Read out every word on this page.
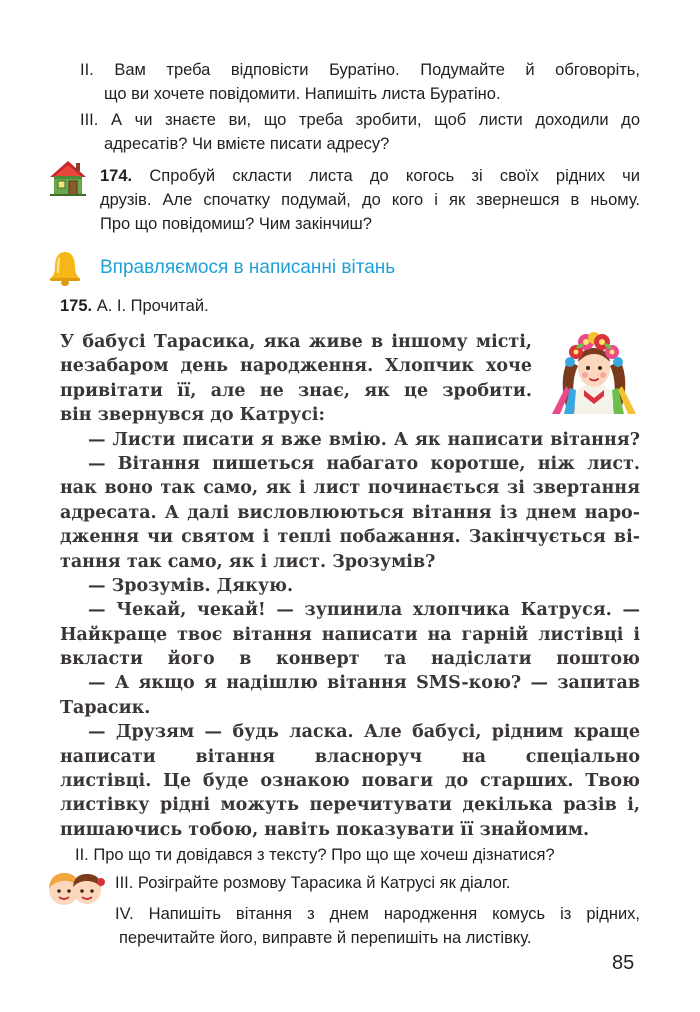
II. Вам треба відповісти Буратіно. Подумайте й обговоріть,
що ви хочете повідомити. Напишіть листа Буратіно.
III. А чи знаєте ви, що треба зробити, щоб листи доходили до
адресатів? Чи вмієте писати адресу?
174. Спробуй скласти листа до когось зі своїх рідних чи
друзів. Але спочатку подумай, до кого і як звернешся в ньому.
Про що повідомиш? Чим закінчиш?
Вправляємося в написанні вітань
175. А. І. Прочитай.
У бабусі Тарасика, яка живе в іншому місті,
незабаром день народження. Хлопчик хоче
привітати її, але не знає, як це зробити.
він звернувся до Катрусі:
— Листи писати я вже вмію. А як написати вітання?
— Вітання пишеться набагато коротше, ніж лист.
нак воно так само, як і лист починається зі звертання
адресата. А далі висловлюються вітання із днем наро-
дження чи святом і теплі побажання. Закінчується ві-
тання так само, як і лист. Зрозумів?
— Зрозумів. Дякую.
— Чекай, чекай! — зупинила хлопчика Катруся. —
Найкраще твоє вітання написати на гарній листівці і
вкласти його в конверт та надіслати поштою
— А якщо я надішлю вітання SMS-кою? — запитав
Тарасик.
— Друзям — будь ласка. Але бабусі, рідним краще
написати вітання власноруч на спеціально
листівці. Це буде ознакою поваги до старших. Твою
листівку рідні можуть перечитувати декілька разів і,
пишаючись тобою, навіть показувати її знайомим.
II. Про що ти довідався з тексту? Про що ще хочеш дізнатися?
III. Розіграйте розмову Тарасика й Катрусі як діалог.
IV. Напишіть вітання з днем народження комусь із рідних,
перечитайте його, виправте й перепишіть на листівку.
85
